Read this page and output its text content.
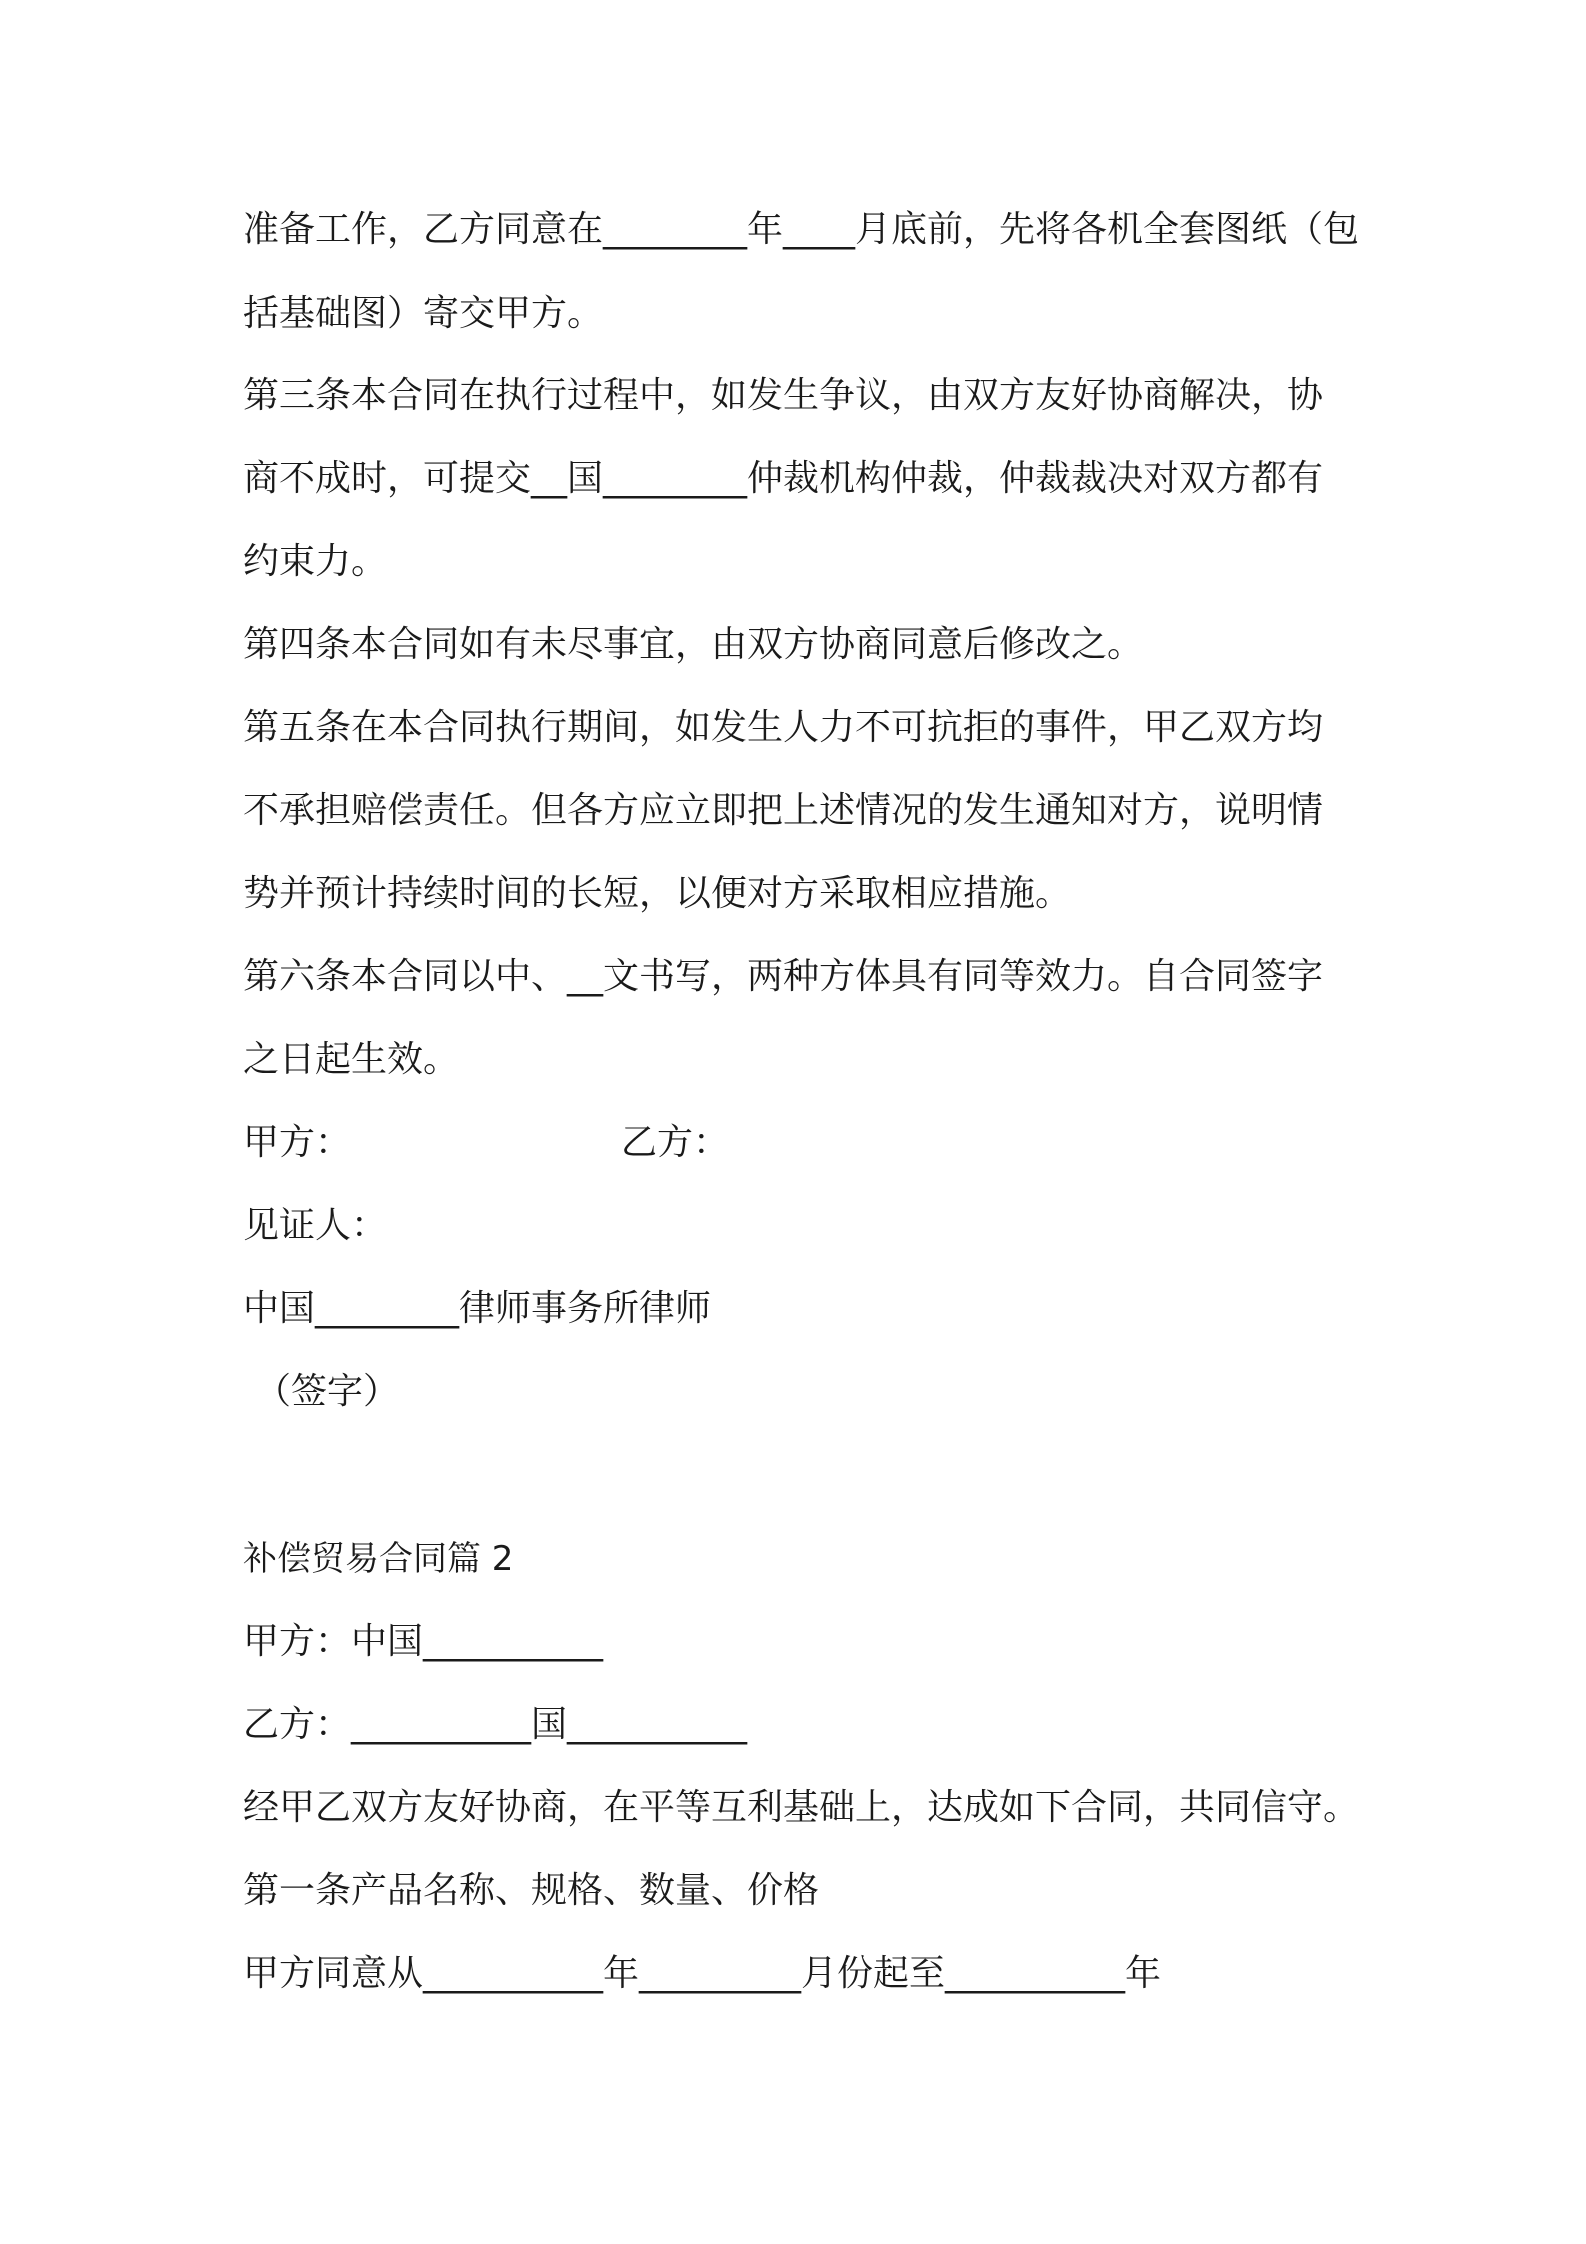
准备工作，乙方同意在________年____月底前，先将各机全套图纸（包
括基础图）寄交甲方。
第三条本合同在执行过程中，如发生争议，由双方友好协商解决，协
商不成时，可提交__国________仲裁机构仲裁，仲裁裁决对双方都有
约束力。
第四条本合同如有未尽事宜，由双方协商同意后修改之。
第五条在本合同执行期间，如发生人力不可抗拒的事件，甲乙双方均
不承担赔偿责任。但各方应立即把上述情况的发生通知对方，说明情
势并预计持续时间的长短，以便对方采取相应措施。
第六条本合同以中、__文书写，两种方体具有同等效力。自合同签字
之日起生效。
甲方：　　　　　　　　乙方：
见证人：
中国________律师事务所律师
（签字）
补偿贸易合同篇 2
甲方：中国__________
乙方：__________国__________
经甲乙双方友好协商，在平等互利基础上，达成如下合同，共同信守。
第一条产品名称、规格、数量、价格
甲方同意从__________年_________月份起至__________年
